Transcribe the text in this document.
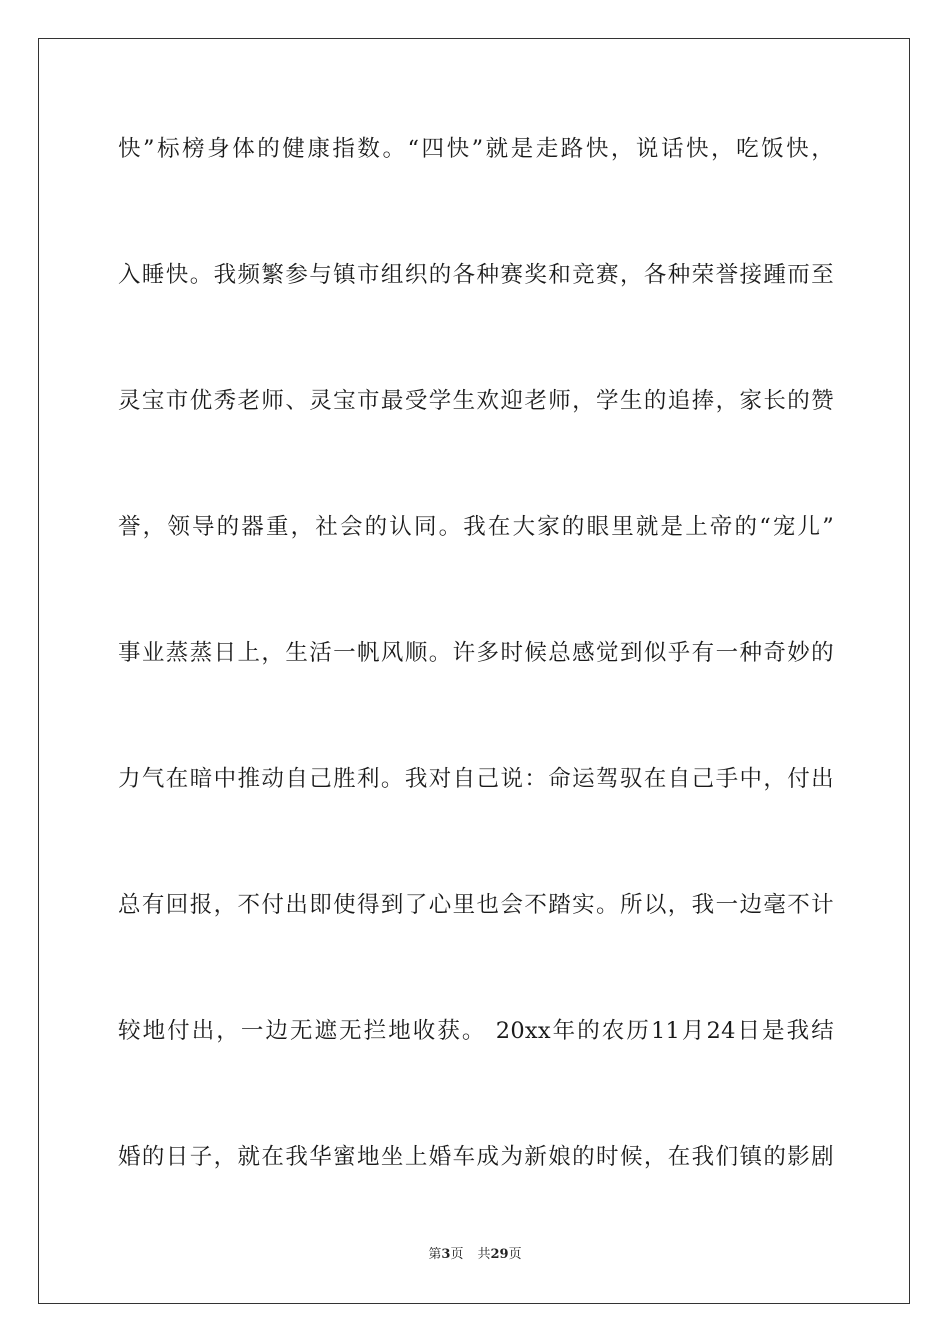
快”标榜身体的健康指数。“四快”就是走路快，说话快，吃饭快，
入睡快。我频繁参与镇市组织的各种赛奖和竞赛，各种荣誉接踵而至
灵宝市优秀老师、灵宝市最受学生欢迎老师，学生的追捧，家长的赞
誉，领导的器重，社会的认同。我在大家的眼里就是上帝的“宠儿”
事业蒸蒸日上，生活一帆风顺。许多时候总感觉到似乎有一种奇妙的
力气在暗中推动自己胜利。我对自己说：命运驾驭在自己手中，付出
总有回报，不付出即使得到了心里也会不踏实。所以，我一边毫不计
较地付出，一边无遮无拦地收获。 20xx年的农历11月24日是我结
婚的日子，就在我华蜜地坐上婚车成为新娘的时候，在我们镇的影剧
第3页 共29页
